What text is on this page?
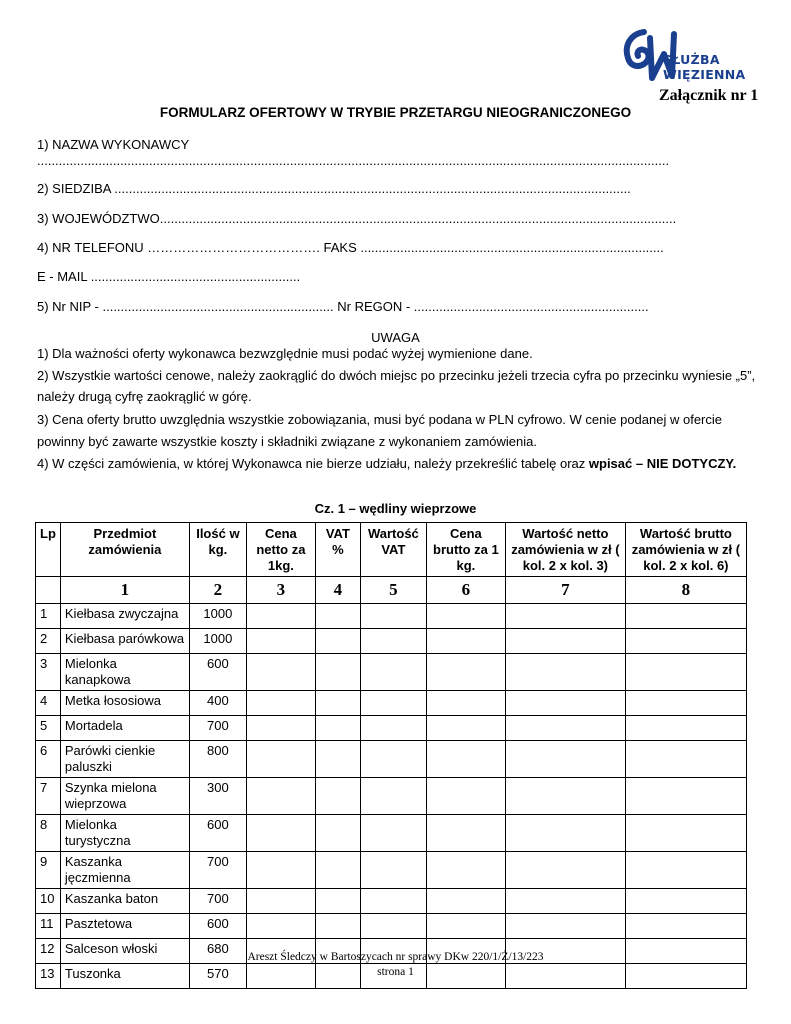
SŁUŻBA
WIĘZIENNA
Załącznik nr 1
FORMULARZ OFERTOWY W TRYBIE PRZETARGU NIEOGRANICZONEGO
1) NAZWA WYKONAWCY
...............................................................................................................................................................................
2) SIEDZIBA ...............................................................................................................................................
3) WOJEWÓDZTWO...............................................................................................................................................
4) NR TELEFONU …………………………………. FAKS ....................................................................................
E - MAIL ..........................................................
5) Nr NIP - ................................................................ Nr REGON - .................................................................
UWAGA
1) Dla ważności oferty wykonawca bezwzględnie musi podać wyżej wymienione dane.
2) Wszystkie wartości cenowe, należy zaokrąglić do dwóch miejsc po przecinku jeżeli trzecia cyfra po przecinku wyniesie „5”,
należy drugą cyfrę zaokrąglić w górę.
3) Cena oferty brutto uwzględnia wszystkie zobowiązania, musi być podana w PLN cyfrowo. W cenie podanej w ofercie
powinny być zawarte wszystkie koszty i składniki związane z wykonaniem zamówienia.
4) W części zamówienia, w której Wykonawca nie bierze udziału, należy przekreślić tabelę oraz wpisać – NIE DOTYCZY.
Cz. 1 – wędliny wieprzowe
Lp	Przedmiot zamówienia	Ilość w kg.	Cena netto za 1kg.	VAT %	Wartość VAT	Cena brutto za 1 kg.	Wartość netto zamówienia w zł ( kol. 2 x kol. 3)	Wartość brutto zamówienia w zł ( kol. 2 x kol. 6)
	1	2	3	4	5	6	7	8
1	Kiełbasa zwyczajna	1000						
2	Kiełbasa parówkowa	1000						
3	Mielonka kanapkowa	600						
4	Metka łososiowa	400						
5	Mortadela	700						
6	Parówki cienkie paluszki	800						
7	Szynka mielona wieprzowa	300						
8	Mielonka turystyczna	600						
9	Kaszanka jęczmienna	700						
10	Kaszanka baton	700						
11	Pasztetowa	600						
12	Salceson włoski	680						
13	Tuszonka	570						
Areszt Śledczy w Bartoszycach nr sprawy DKw 220/1/Ż/13/223
strona 1
